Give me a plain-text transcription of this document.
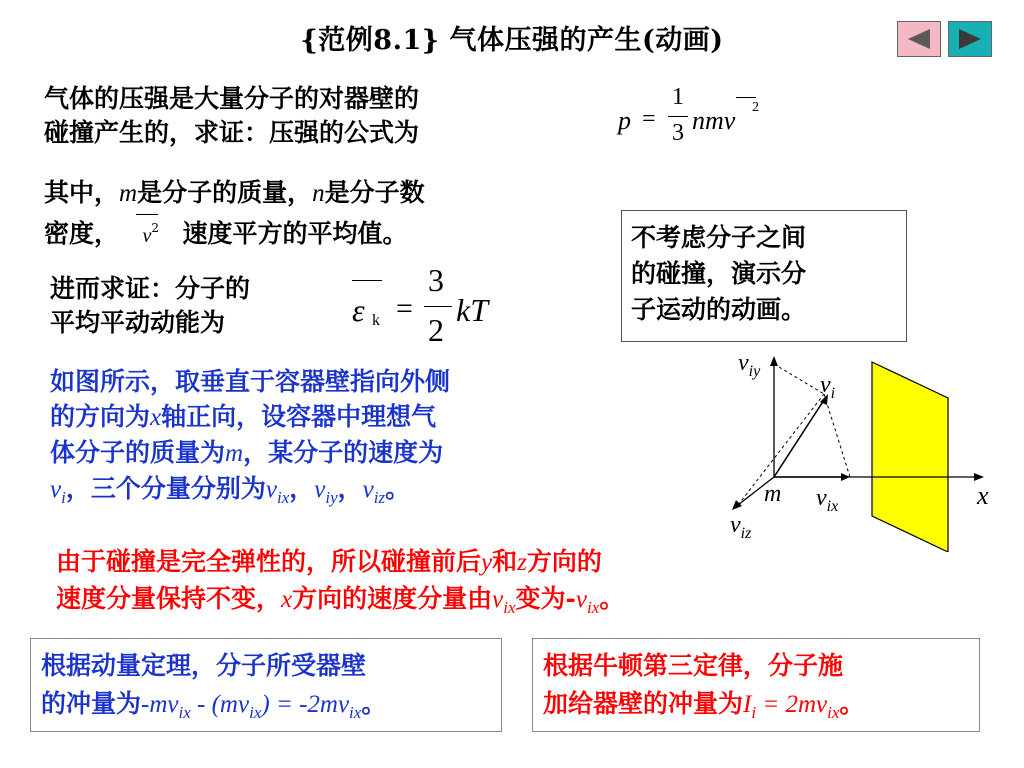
{范例8.1} 气体压强的产生(动画)
气体的压强是大量分子的对器壁的
碰撞产生的，求证：压强的公式为	p =
1
3 nmv 2
其中，m是分子的质量，n是分子数
密度， $v^2$ 速度平方的平均值。	不考虑分子之间
的碰撞，演示分
子运动的动画。
进而求证：分子的
平均平动动能为	ε k =
3
2
kT
如图所示，取垂直于容器壁指向外侧
的方向为x轴正向，设容器中理想气
体分子的质量为m，某分子的速度为
$v_i$，三个分量分别为$v_{ix}$，$v_{iy}$，$v_{iz}$。
$v_{iy}$
$v_i$
m $v_{ix}$
$v_{iz}$
x
由于碰撞是完全弹性的，所以碰撞前后y和z方向的
速度分量保持不变，x方向的速度分量由$v_{ix}$变为$-v_{ix}$。
根据动量定理，分子所受器壁
的冲量为$-mv_{ix} - (mv_{ix}) = -2mv_{ix}$。
根据牛顿第三定律，分子施
加给器壁的冲量为$I_i = 2mv_{ix}$。
